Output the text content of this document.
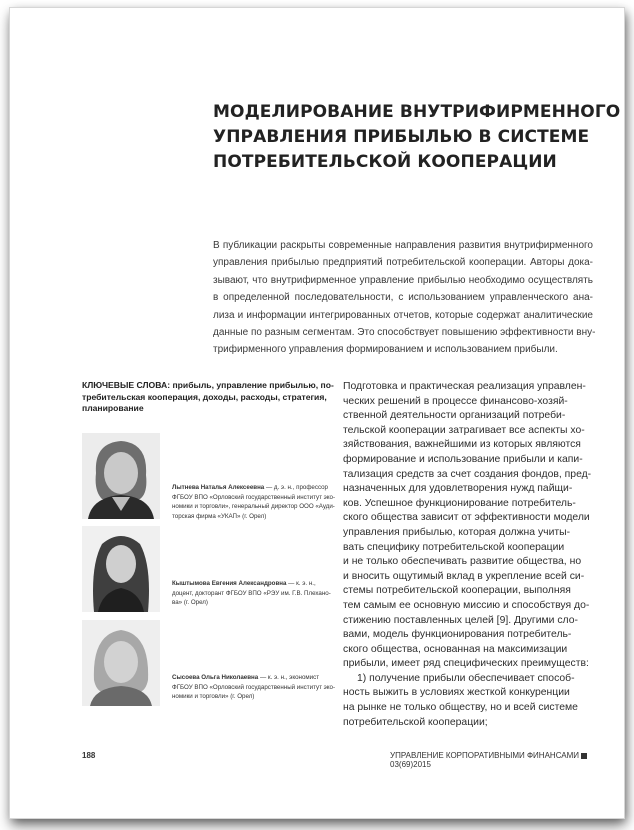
МОДЕЛИРОВАНИЕ ВНУТРИФИРМЕННОГО
УПРАВЛЕНИЯ ПРИБЫЛЬЮ В СИСТЕМЕ
ПОТРЕБИТЕЛЬСКОЙ КООПЕРАЦИИ
В публикации раскрыты современные направления развития внутрифирменного
управления прибылью предприятий потребительской кооперации. Авторы дока-
зывают, что внутрифирменное управление прибылью необходимо осуществлять
в определенной последовательности, с использованием управленческого ана-
лиза и информации интегрированных отчетов, которые содержат аналитические
данные по разным сегментам. Это способствует повышению эффективности вну-
трифирменного управления формированием и использованием прибыли.
КЛЮЧЕВЫЕ СЛОВА: прибыль, управление прибылью, по-
требительская кооперация, доходы, расходы, стратегия,
планирование
Лытнева Наталья Алексеевна — д. э. н., профессор
ФГБОУ ВПО «Орловский государственный институт эко-
номики и торговли», генеральный директор ООО «Ауди-
торская фирма «УКАП» (г. Орел)
Кыштымова Евгения Александровна — к. э. н.,
доцент, докторант ФГБОУ ВПО «РЭУ им. Г.В. Плехано-
ва» (г. Орел)
Сысоева Ольга Николаевна — к. э. н., экономист
ФГБОУ ВПО «Орловский государственный институт эко-
номики и торговли» (г. Орел)
Подготовка и практическая реализация управлен-
ческих решений в процессе финансово-хозяй-
ственной деятельности организаций потреби-
тельской кооперации затрагивает все аспекты хо-
зяйствования, важнейшими из которых являются
формирование и использование прибыли и капи-
тализация средств за счет создания фондов, пред-
назначенных для удовлетворения нужд пайщи-
ков. Успешное функционирование потребитель-
ского общества зависит от эффективности модели
управления прибылью, которая должна учиты-
вать специфику потребительской кооперации
и не только обеспечивать развитие общества, но
и вносить ощутимый вклад в укрепление всей си-
стемы потребительской кооперации, выполняя
тем самым ее основную миссию и способствуя до-
стижению поставленных целей [9]. Другими сло-
вами, модель функционирования потребитель-
ского общества, основанная на максимизации
прибыли, имеет ряд специфических преимуществ:
1) получение прибыли обеспечивает способ-
ность выжить в условиях жесткой конкуренции
на рынке не только обществу, но и всей системе
потребительской кооперации;
188	УПРАВЛЕНИЕ КОРПОРАТИВНЫМИ ФИНАНСАМИ03(69)2015
